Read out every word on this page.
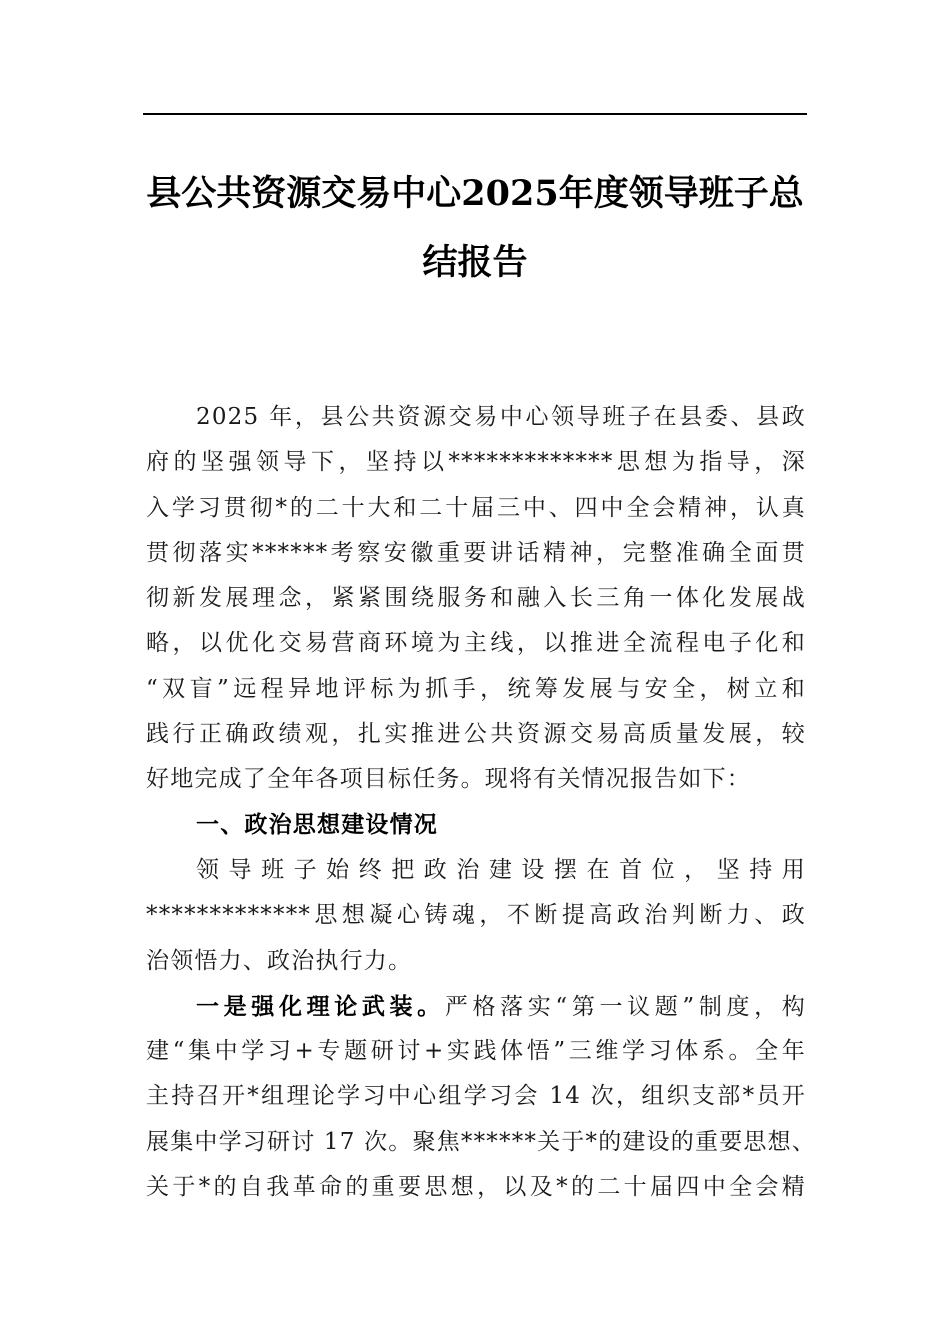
县公共资源交易中心2025年度领导班子总
结报告
2025 年，县公共资源交易中心领导班子在县委、县政
府的坚强领导下，坚持以*************思想为指导，深
入学习贯彻*的二十大和二十届三中、四中全会精神，认真
贯彻落实******考察安徽重要讲话精神，完整准确全面贯
彻新发展理念，紧紧围绕服务和融入长三角一体化发展战
略，以优化交易营商环境为主线，以推进全流程电子化和
“双盲”远程异地评标为抓手，统筹发展与安全，树立和
践行正确政绩观，扎实推进公共资源交易高质量发展，较
好地完成了全年各项目标任务。现将有关情况报告如下：
一、政治思想建设情况
领导班子始终把政治建设摆在首位，坚持用
*************思想凝心铸魂，不断提高政治判断力、政
治领悟力、政治执行力。
一是强化理论武装。严格落实“第一议题”制度，构
建“集中学习+专题研讨+实践体悟”三维学习体系。全年
主持召开*组理论学习中心组学习会 14 次，组织支部*员开
展集中学习研讨 17 次。聚焦******关于*的建设的重要思想、
关于*的自我革命的重要思想，以及*的二十届四中全会精
